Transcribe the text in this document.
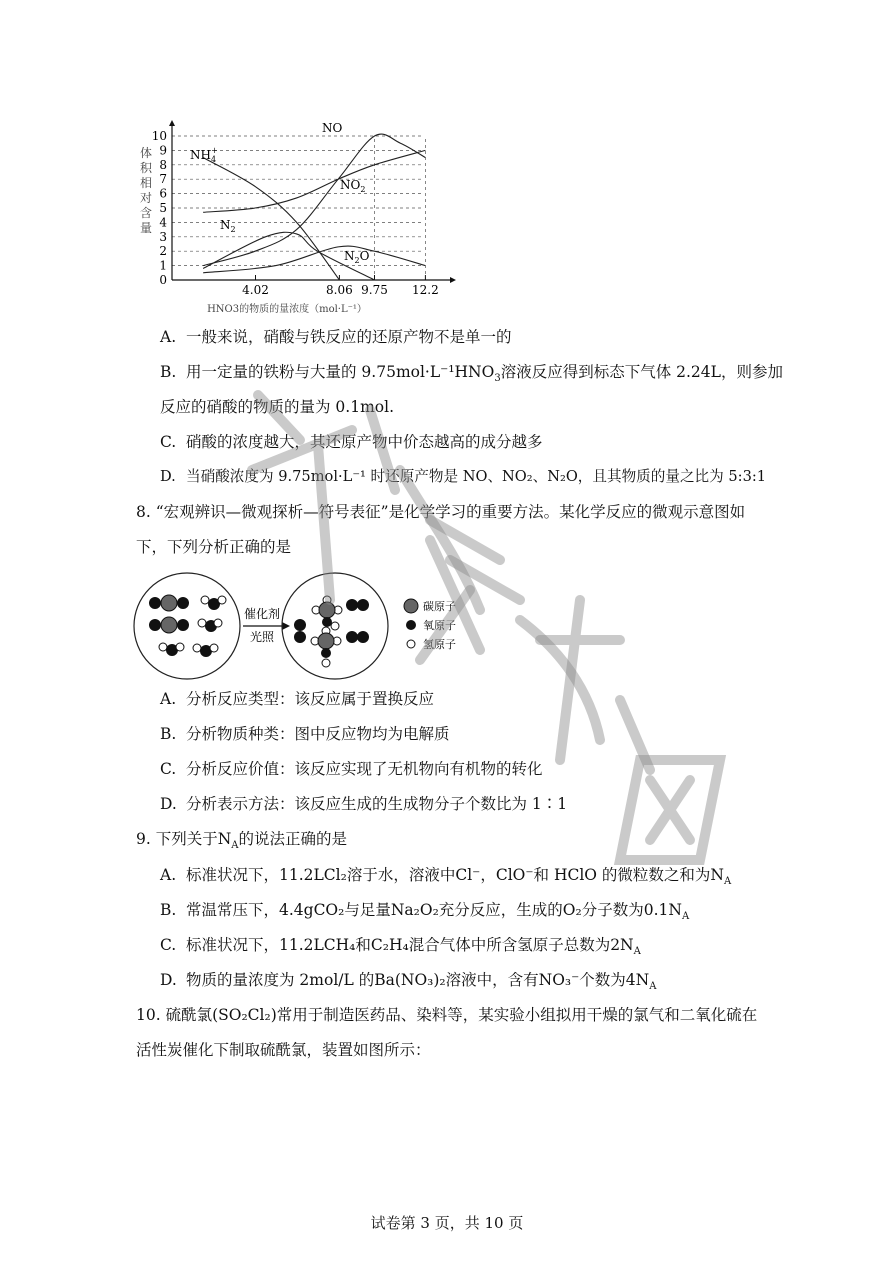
0
1
2
3
4
5
6
7
8
9
10
4.02	8.06 9.75 12.2
体
积
相
对
含
量
HNO3的物质的量浓度（mol·L⁻¹）
NO
$NH_4+$
$NO_2$
$N_2$
$N_2O$
A. 一般来说，硝酸与铁反应的还原产物不是单一的
B. 用一定量的铁粉与大量的 $9.75mol\cdot L^{-1}HNO_3$溶液反应得到标态下气体 2.24L，则参加
反应的硝酸的物质的量为 0.1mol.
C. 硝酸的浓度越大，其还原产物中价态越高的成分越多
D. 当硝酸浓度为 9.75mol·L⁻¹ 时还原产物是 NO、NO₂、N₂O，且其物质的量之比为 5:3:1
8. “宏观辨识—微观探析—符号表征”是化学学习的重要方法。某化学反应的微观示意图如
下，下列分析正确的是
催化剂
光照
碳原子
氧原子
氢原子
A. 分析反应类型：该反应属于置换反应
B. 分析物质种类：图中反应物均为电解质
C. 分析反应价值：该反应实现了无机物向有机物的转化
D. 分析表示方法：该反应生成的生成物分子个数比为 1∶1
9. 下列关于$N_A$的说法正确的是
A. 标准状况下，11.2LCl₂溶于水，溶液中Cl⁻，ClO⁻和 HClO 的微粒数之和为$N_A$
B. 常温常压下，4.4gCO₂与足量Na₂O₂充分反应，生成的O₂分子数为$0.1N_A$
C. 标准状况下，11.2LCH₄和C₂H₄混合气体中所含氢原子总数为$2N_A$
D. 物质的量浓度为 2mol/L 的Ba(NO₃)₂溶液中，含有NO₃⁻个数为$4N_A$
10. 硫酰氯(SO₂Cl₂)常用于制造医药品、染料等，某实验小组拟用干燥的氯气和二氧化硫在
活性炭催化下制取硫酰氯，装置如图所示：
试卷第 3 页，共 10 页
